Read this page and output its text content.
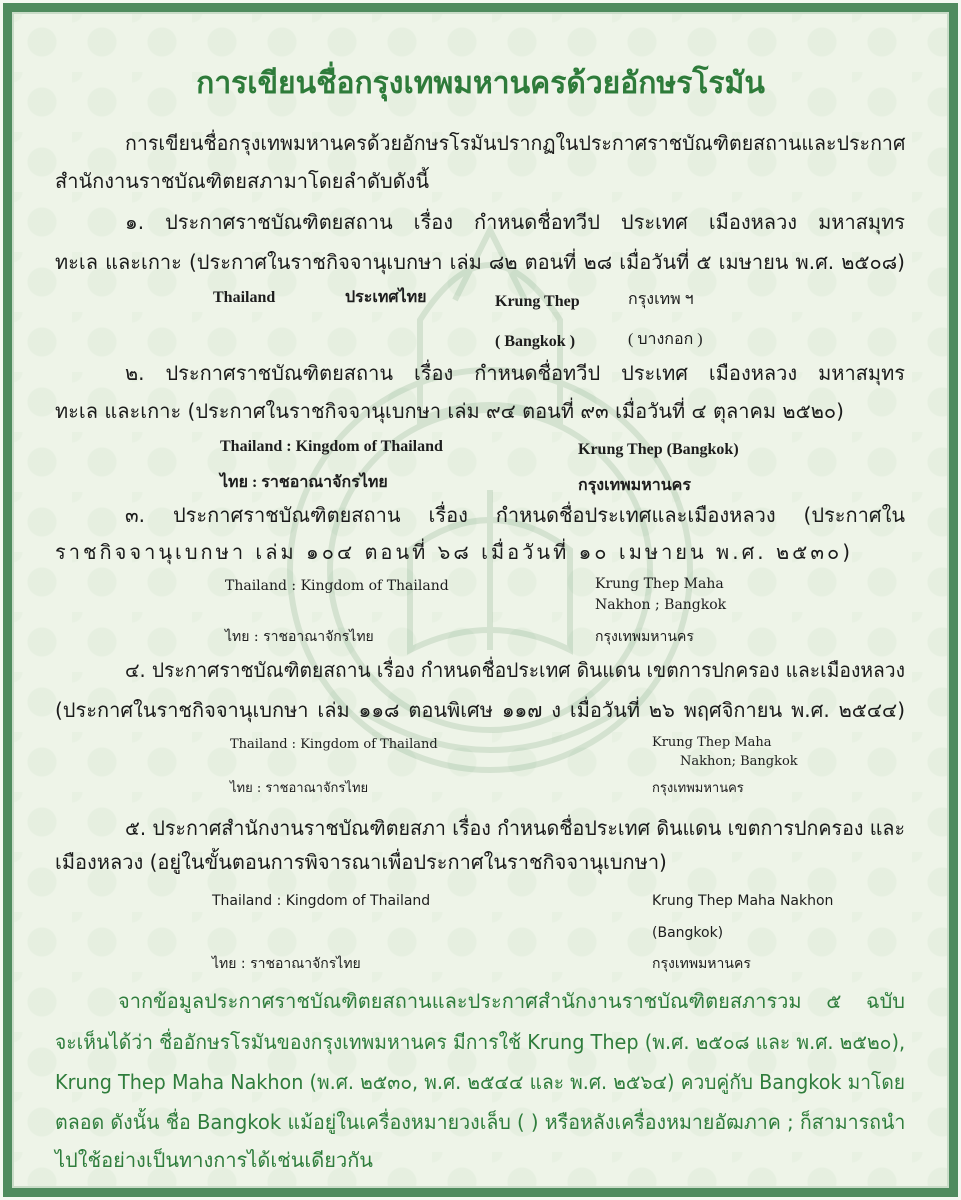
การเขียนชื่อกรุงเทพมหานครด้วยอักษรโรมัน
การเขียนชื่อกรุงเทพมหานครด้วยอักษรโรมันปรากฏในประกาศราชบัณฑิตยสถานและประกาศ
สำนักงานราชบัณฑิตยสภามาโดยลำดับดังนี้
๑. ประกาศราชบัณฑิตยสถาน เรื่อง กำหนดชื่อทวีป ประเทศ เมืองหลวง มหาสมุทร
ทะเล และเกาะ (ประกาศในราชกิจจานุเบกษา เล่ม ๘๒ ตอนที่ ๒๘ เมื่อวันที่ ๕ เมษายน พ.ศ. ๒๕๐๘)
Thailand	ประเทศไทย	Krung Thep	กรุงเทพ ฯ
( Bangkok )	( บางกอก )
๒. ประกาศราชบัณฑิตยสถาน เรื่อง กำหนดชื่อทวีป ประเทศ เมืองหลวง มหาสมุทร
ทะเล และเกาะ (ประกาศในราชกิจจานุเบกษา เล่ม ๙๔ ตอนที่ ๙๓ เมื่อวันที่ ๔ ตุลาคม ๒๕๒๐)
Thailand : Kingdom of Thailand	Krung Thep (Bangkok)
ไทย : ราชอาณาจักรไทย	กรุงเทพมหานคร
๓. ประกาศราชบัณฑิตยสถาน เรื่อง กำหนดชื่อประเทศและเมืองหลวง (ประกาศใน
ราชกิจจานุเบกษา เล่ม ๑๐๔ ตอนที่ ๖๘ เมื่อวันที่ ๑๐ เมษายน พ.ศ. ๒๕๓๐)
Thailand : Kingdom of Thailand	Krung Thep Maha
Nakhon ; Bangkok
ไทย : ราชอาณาจักรไทย	กรุงเทพมหานคร
๔. ประกาศราชบัณฑิตยสถาน เรื่อง กำหนดชื่อประเทศ ดินแดน เขตการปกครอง และเมืองหลวง
(ประกาศในราชกิจจานุเบกษา เล่ม ๑๑๘ ตอนพิเศษ ๑๑๗ ง เมื่อวันที่ ๒๖ พฤศจิกายน พ.ศ. ๒๕๔๔)
Thailand : Kingdom of Thailand	Krung Thep Maha
Nakhon; Bangkok
ไทย : ราชอาณาจักรไทย	กรุงเทพมหานคร
๕. ประกาศสำนักงานราชบัณฑิตยสภา เรื่อง กำหนดชื่อประเทศ ดินแดน เขตการปกครอง และ
เมืองหลวง (อยู่ในขั้นตอนการพิจารณาเพื่อประกาศในราชกิจจานุเบกษา)
Thailand : Kingdom of Thailand	Krung Thep Maha Nakhon
(Bangkok)
ไทย : ราชอาณาจักรไทย	กรุงเทพมหานคร
จากข้อมูลประกาศราชบัณฑิตยสถานและประกาศสำนักงานราชบัณฑิตยสภารวม ๕ ฉบับ
จะเห็นได้ว่า ชื่ออักษรโรมันของกรุงเทพมหานคร มีการใช้ Krung Thep (พ.ศ. ๒๕๐๘ และ พ.ศ. ๒๕๒๐),
Krung Thep Maha Nakhon (พ.ศ. ๒๕๓๐, พ.ศ. ๒๕๔๔ และ พ.ศ. ๒๕๖๔) ควบคู่กับ Bangkok มาโดย
ตลอด ดังนั้น ชื่อ Bangkok แม้อยู่ในเครื่องหมายวงเล็บ ( ) หรือหลังเครื่องหมายอัฒภาค ; ก็สามารถนำ
ไปใช้อย่างเป็นทางการได้เช่นเดียวกัน
